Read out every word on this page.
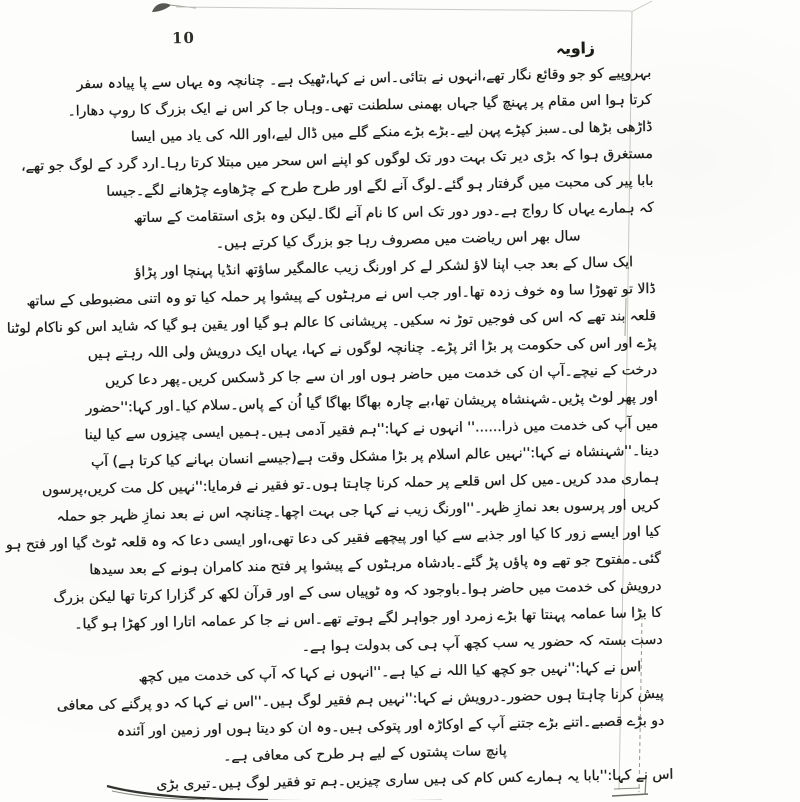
10
زاویہ
بہروپیے کو جو وقائع نگار تھے،انہوں نے بتائی۔اس نے کہا،ٹھیک ہے۔ چنانچہ وہ یہاں سے پا پیادہ سفر
کرتا ہوا اس مقام پر پہنچ گیا جہاں بھمنی سلطنت تھی۔وہاں جا کر اس نے ایک بزرگ کا روپ دھارا۔
ڈاڑھی بڑھا لی۔سبز کپڑے پہن لیے۔بڑے بڑے منکے گلے میں ڈال لیے،اور اللہ کی یاد میں ایسا
مستغرق ہوا کہ بڑی دیر تک بہت دور تک لوگوں کو اپنے اس سحر میں مبتلا کرتا رہا۔ارد گرد کے لوگ جو تھے،
بابا پیر کی محبت میں گرفتار ہو گئے۔لوگ آنے لگے اور طرح طرح کے چڑھاوے چڑھانے لگے۔جیسا
کہ ہمارے یہاں کا رواج ہے۔دور دور تک اس کا نام آنے لگا۔لیکن وہ بڑی استقامت کے ساتھ
سال بھر اس ریاضت میں مصروف رہا جو بزرگ کیا کرتے ہیں۔
ایک سال کے بعد جب اپنا لاؤ لشکر لے کر اورنگ زیب عالمگیر ساؤتھ انڈیا پہنچا اور پڑاؤ
ڈالا تو تھوڑا سا وہ خوف زدہ تھا۔اور جب اس نے مرہٹوں کے پیشوا پر حملہ کیا تو وہ اتنی مضبوطی کے ساتھ
قلعہ بند تھے کہ اس کی فوجیں توڑ نہ سکیں۔ پریشانی کا عالم ہو گیا اور یقین ہو گیا کہ شاید اس کو ناکام لوٹنا
پڑے اور اس کی حکومت پر بڑا اثر پڑے۔ چنانچہ لوگوں نے کہا، یہاں ایک درویش ولی اللہ رہتے ہیں
درخت کے نیچے۔آپ ان کی خدمت میں حاضر ہوں اور ان سے جا کر ڈسکس کریں۔پھر دعا کریں
اور پھر لوٹ پڑیں۔شہنشاہ پریشان تھا،بے چارہ بھاگا بھاگا گیا اُن کے پاس۔سلام کیا۔اور کہا:''حضور
میں آپ کی خدمت میں ذرا......'' انہوں نے کہا:''ہم فقیر آدمی ہیں۔ہمیں ایسی چیزوں سے کیا لینا
دینا۔''شہنشاہ نے کہا:''نہیں عالم اسلام پر بڑا مشکل وقت ہے(جیسے انسان بہانے کیا کرتا ہے) آپ
ہماری مدد کریں۔میں کل اس قلعے پر حملہ کرنا چاہتا ہوں۔تو فقیر نے فرمایا:''نہیں کل مت کریں،پرسوں
کریں اور پرسوں بعد نمازِ ظہر۔''اورنگ زیب نے کہا جی بہت اچھا۔چنانچہ اس نے بعد نمازِ ظہر جو حملہ
کیا اور ایسے زور کا کیا اور جذبے سے کیا اور پیچھے فقیر کی دعا تھی،اور ایسی دعا کہ وہ قلعہ ٹوٹ گیا اور فتح ہو
گئی۔مفتوح جو تھے وہ پاؤں پڑ گئے۔بادشاہ مرہٹوں کے پیشوا پر فتح مند کامران ہونے کے بعد سیدھا
درویش کی خدمت میں حاضر ہوا۔باوجود کہ وہ ٹوپیاں سی کے اور قرآن لکھ کر گزارا کرتا تھا لیکن بزرگ
کا بڑا سا عمامہ پہنتا تھا بڑے زمرد اور جواہر لگے ہوتے تھے۔اس نے جا کر عمامہ اتارا اور کھڑا ہو گیا۔
دست بستہ کہ حضور یہ سب کچھ آپ ہی کی بدولت ہوا ہے۔
اس نے کہا:''نہیں جو کچھ کیا اللہ نے کیا ہے۔''انہوں نے کہا کہ آپ کی خدمت میں کچھ
پیش کرنا چاہتا ہوں حضور۔درویش نے کہا:''نہیں ہم فقیر لوگ ہیں۔''اس نے کہا کہ دو پرگنے کی معافی
دو بڑے قصبے۔اتنے بڑے جتنے آپ کے اوکاڑہ اور پتوکی ہیں۔وہ ان کو دیتا ہوں اور زمین اور آئندہ
پانچ سات پشتوں کے لیے ہر طرح کی معافی ہے۔
اس نے کہا:''بابا یہ ہمارے کس کام کی ہیں ساری چیزیں۔ہم تو فقیر لوگ ہیں۔تیری بڑی
